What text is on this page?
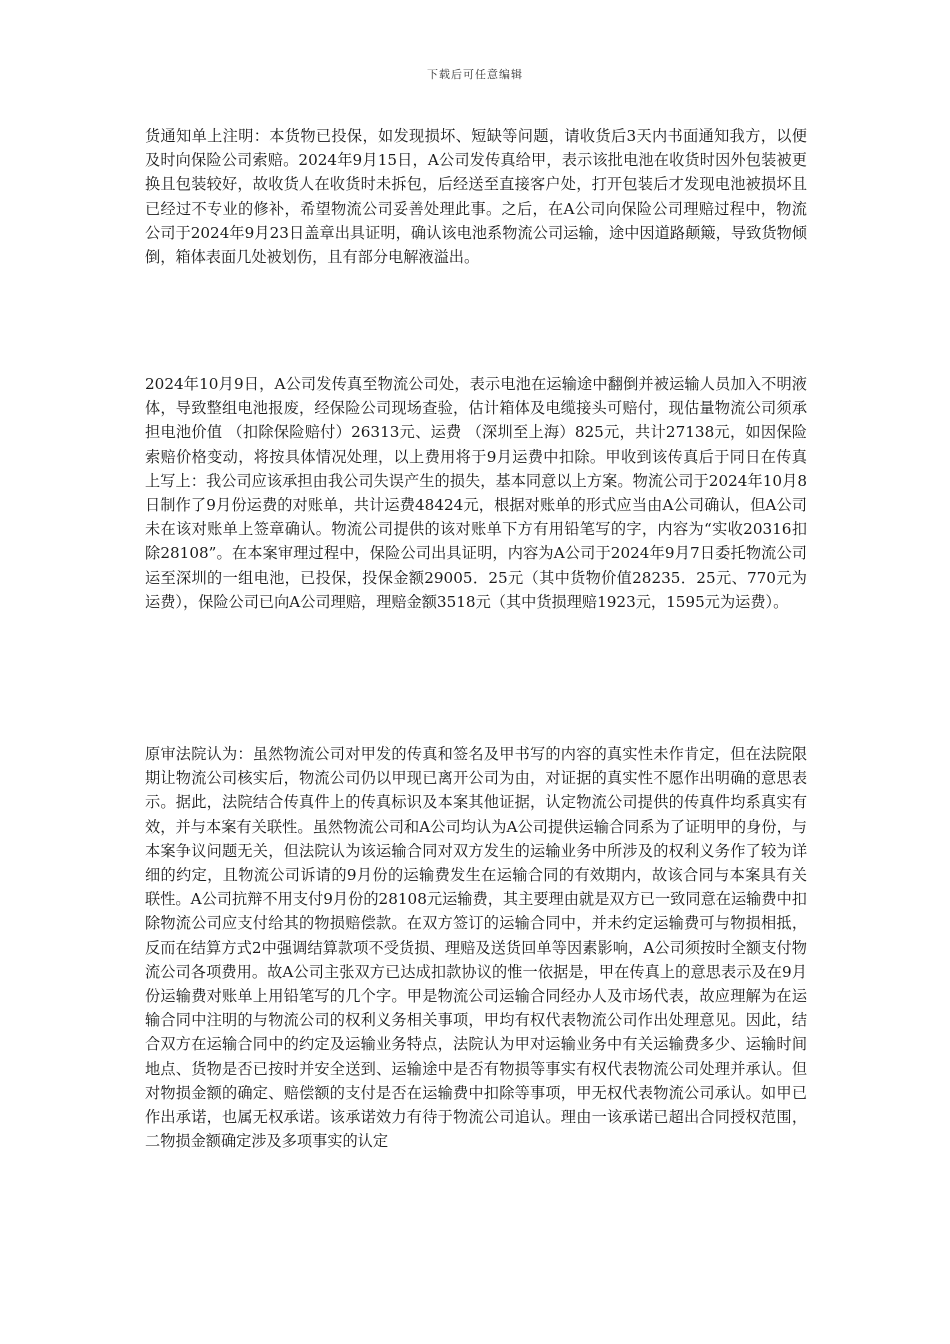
下载后可任意编辑

货通知单上注明：本货物已投保，如发现损坏、短缺等问题，请收货后3天内书面通知我方，以便及时向保险公司索赔。2024年9月15日，A公司发传真给甲，表示该批电池在收货时因外包装被更换且包装较好，故收货人在收货时未拆包，后经送至直接客户处，打开包装后才发现电池被损坏且已经过不专业的修补，希望物流公司妥善处理此事。之后，在A公司向保险公司理赔过程中，物流公司于2024年9月23日盖章出具证明，确认该电池系物流公司运输，途中因道路颠簸，导致货物倾倒，箱体表面几处被划伤，且有部分电解液溢出。

2024年10月9日，A公司发传真至物流公司处，表示电池在运输途中翻倒并被运输人员加入不明液体，导致整组电池报废，经保险公司现场查验，估计箱体及电缆接头可赔付，现估量物流公司须承担电池价值 （扣除保险赔付）26313元、运费 （深圳至上海）825元，共计27138元，如因保险索赔价格变动，将按具体情况处理，以上费用将于9月运费中扣除。甲收到该传真后于同日在传真上写上：我公司应该承担由我公司失误产生的损失，基本同意以上方案。物流公司于2024年10月8日制作了9月份运费的对账单，共计运费48424元，根据对账单的形式应当由A公司确认，但A公司未在该对账单上签章确认。物流公司提供的该对账单下方有用铅笔写的字，内容为“实收20316扣除28108”。在本案审理过程中，保险公司出具证明，内容为A公司于2024年9月7日委托物流公司运至深圳的一组电池，已投保，投保金额29005．25元（其中货物价值28235．25元、770元为运费），保险公司已向A公司理赔，理赔金额3518元（其中货损理赔1923元，1595元为运费）。

原审法院认为：虽然物流公司对甲发的传真和签名及甲书写的内容的真实性未作肯定，但在法院限期让物流公司核实后，物流公司仍以甲现已离开公司为由，对证据的真实性不愿作出明确的意思表示。据此，法院结合传真件上的传真标识及本案其他证据，认定物流公司提供的传真件均系真实有效，并与本案有关联性。虽然物流公司和A公司均认为A公司提供运输合同系为了证明甲的身份，与本案争议问题无关，但法院认为该运输合同对双方发生的运输业务中所涉及的权利义务作了较为详细的约定，且物流公司诉请的9月份的运输费发生在运输合同的有效期内，故该合同与本案具有关联性。A公司抗辩不用支付9月份的28108元运输费，其主要理由就是双方已一致同意在运输费中扣除物流公司应支付给其的物损赔偿款。在双方签订的运输合同中，并未约定运输费可与物损相抵，反而在结算方式2中强调结算款项不受货损、理赔及送货回单等因素影响，A公司须按时全额支付物流公司各项费用。故A公司主张双方已达成扣款协议的惟一依据是，甲在传真上的意思表示及在9月份运输费对账单上用铅笔写的几个字。甲是物流公司运输合同经办人及市场代表，故应理解为在运输合同中注明的与物流公司的权利义务相关事项，甲均有权代表物流公司作出处理意见。因此，结合双方在运输合同中的约定及运输业务特点，法院认为甲对运输业务中有关运输费多少、运输时间地点、货物是否已按时并安全送到、运输途中是否有物损等事实有权代表物流公司处理并承认。但对物损金额的确定、赔偿额的支付是否在运输费中扣除等事项，甲无权代表物流公司承认。如甲已作出承诺，也属无权承诺。该承诺效力有待于物流公司追认。理由一该承诺已超出合同授权范围，二物损金额确定涉及多项事实的认定
